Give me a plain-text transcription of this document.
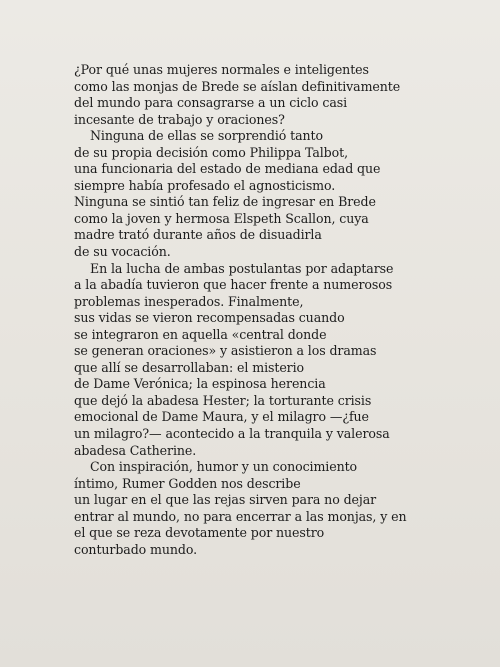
¿Por qué unas mujeres normales e inteligentes
como las monjas de Brede se aíslan definitivamente
del mundo para consagrarse a un ciclo casi
incesante de trabajo y oraciones?

Ninguna de ellas se sorprendió tanto
de su propia decisión como Philippa Talbot,
una funcionaria del estado de mediana edad que
siempre había profesado el agnosticismo.
Ninguna se sintió tan feliz de ingresar en Brede
como la joven y hermosa Elspeth Scallon, cuya
madre trató durante años de disuadirla
de su vocación.

En la lucha de ambas postulantas por adaptarse
a la abadía tuvieron que hacer frente a numerosos
problemas inesperados. Finalmente,
sus vidas se vieron recompensadas cuando
se integraron en aquella «central donde
se generan oraciones» y asistieron a los dramas
que allí se desarrollaban: el misterio
de Dame Verónica; la espinosa herencia
que dejó la abadesa Hester; la torturante crisis
emocional de Dame Maura, y el milagro —¿fue
un milagro?— acontecido a la tranquila y valerosa
abadesa Catherine.

Con inspiración, humor y un conocimiento
íntimo, Rumer Godden nos describe
un lugar en el que las rejas sirven para no dejar
entrar al mundo, no para encerrar a las monjas, y en
el que se reza devotamente por nuestro
conturbado mundo.
